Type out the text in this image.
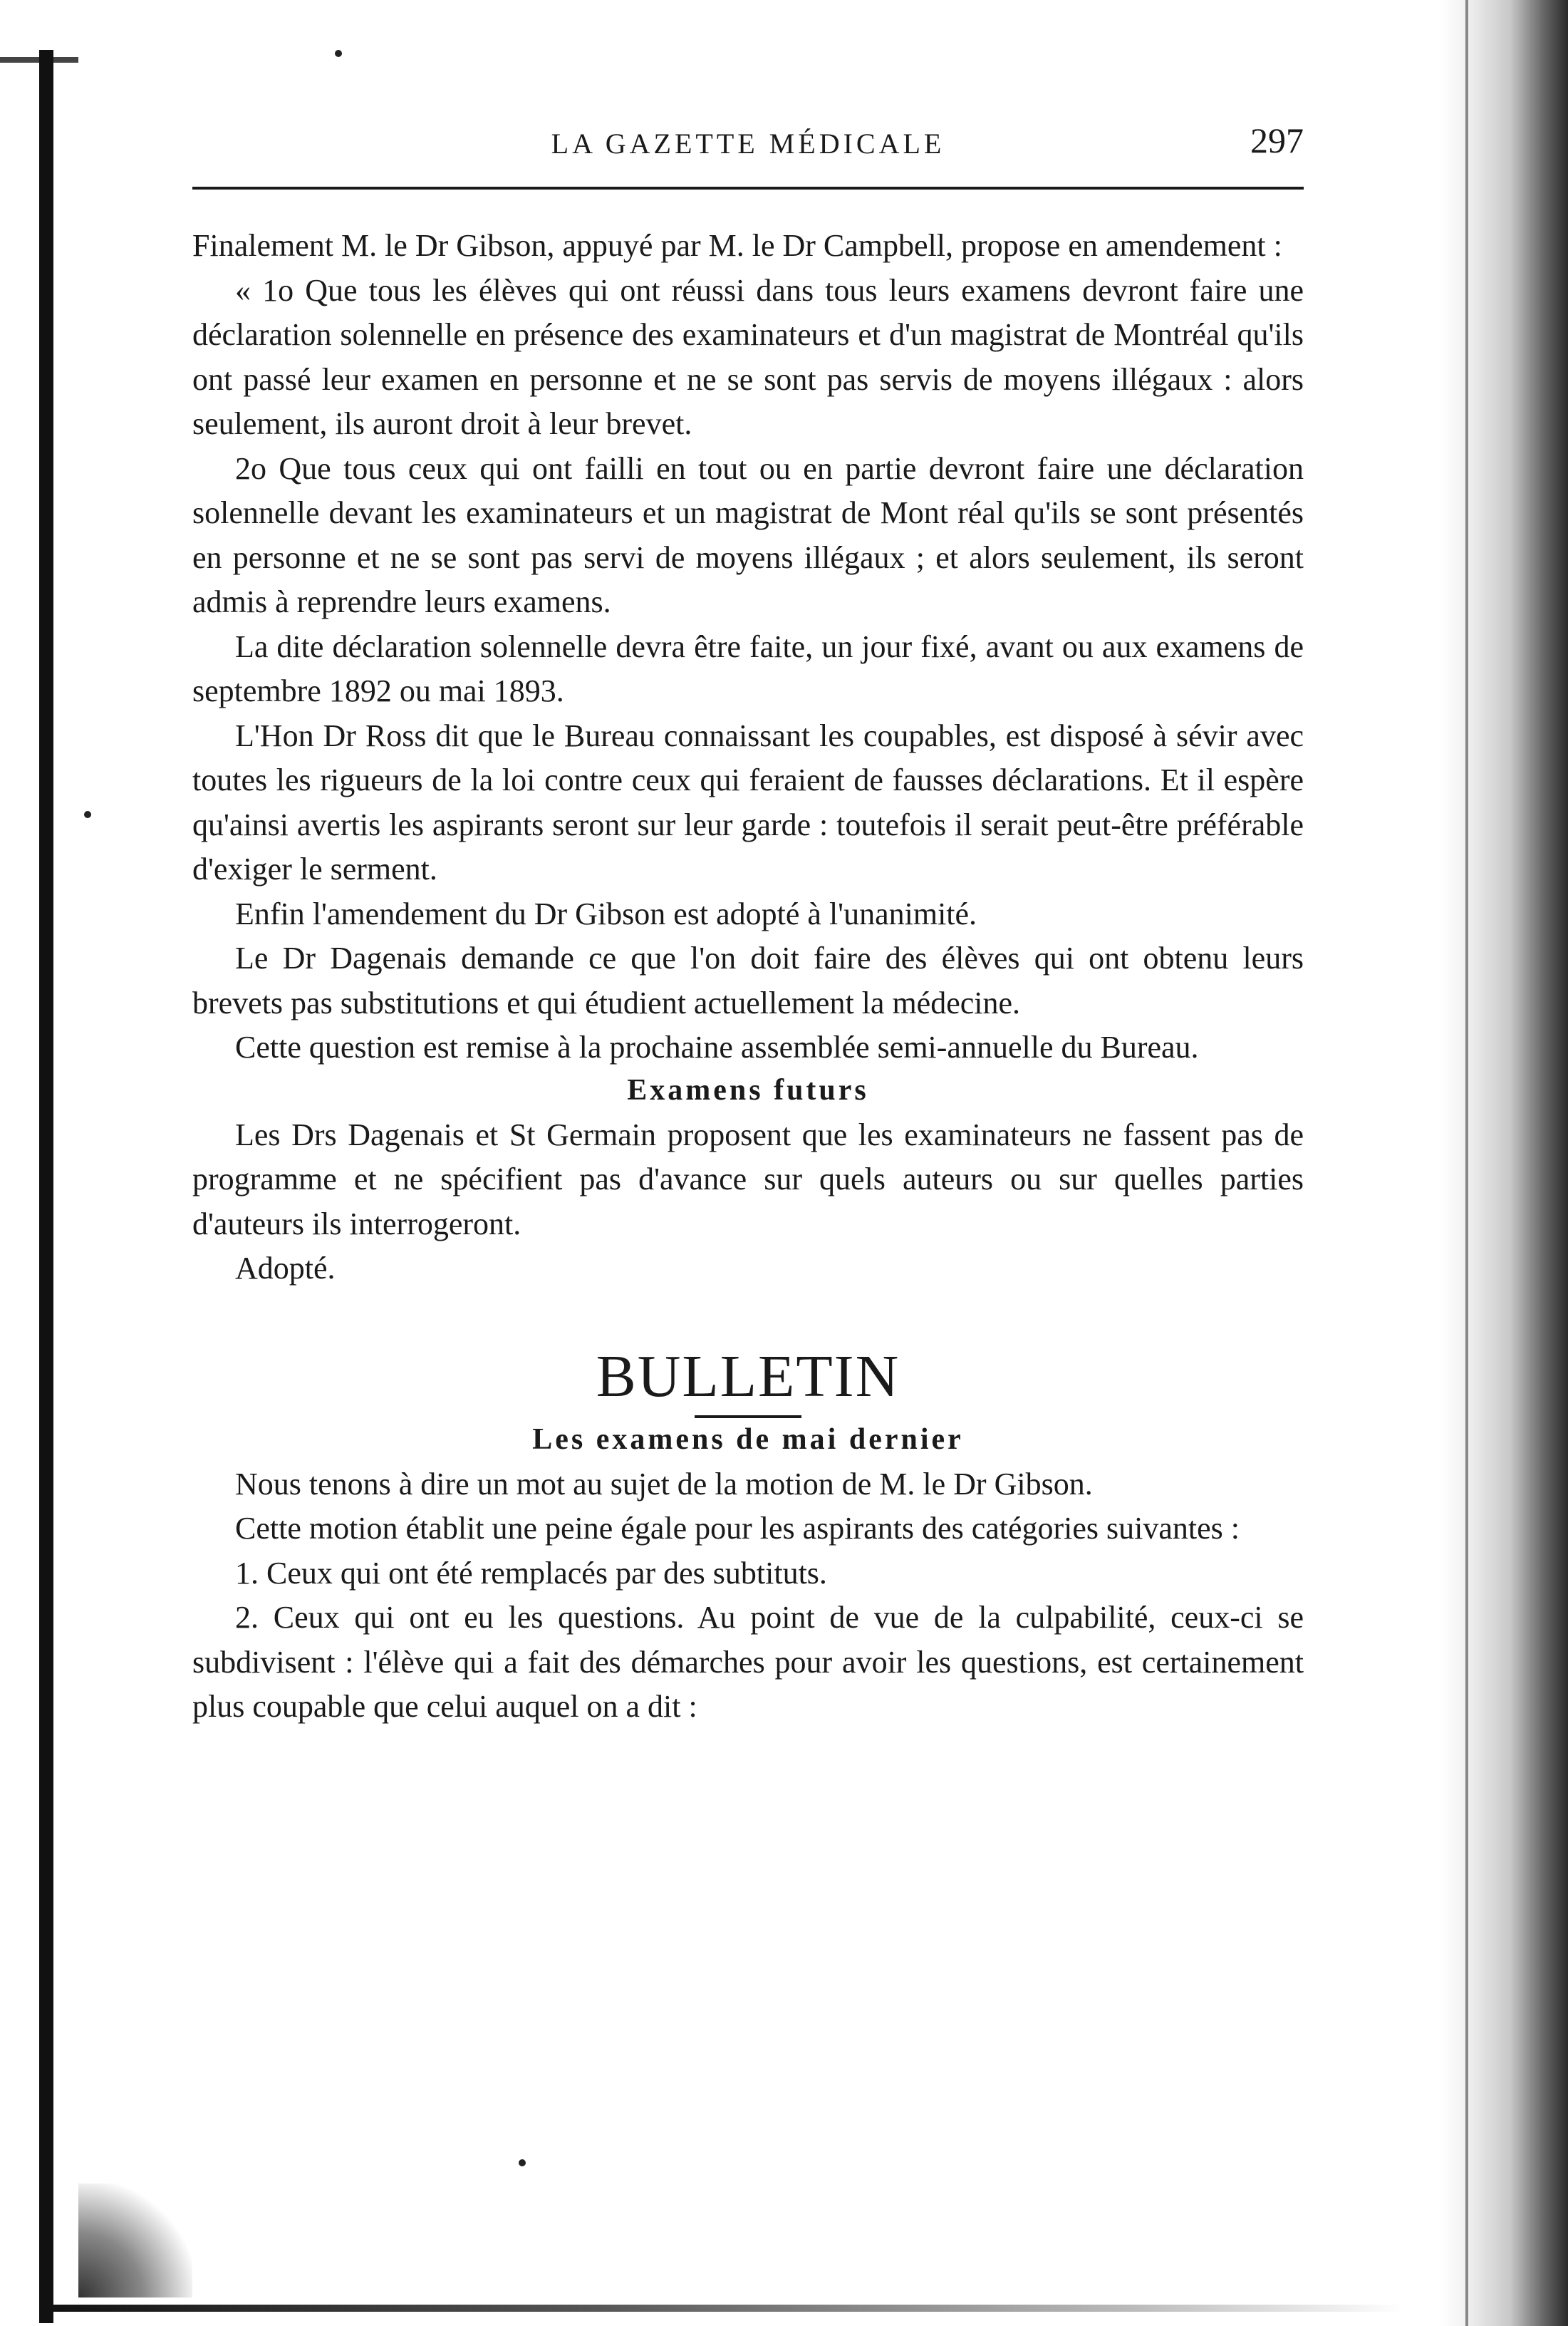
LA GAZETTE MÉDICALE	297

Finalement M. le Dr Gibson, appuyé par M. le Dr Campbell, propose en amendement :

« 1o Que tous les élèves qui ont réussi dans tous leurs examens devront faire une déclaration solennelle en présence des examinateurs et d'un magistrat de Montréal qu'ils ont passé leur examen en personne et ne se sont pas servis de moyens illégaux : alors seulement, ils auront droit à leur brevet.

2o Que tous ceux qui ont failli en tout ou en partie devront faire une déclaration solennelle devant les examinateurs et un magistrat de Mont réal qu'ils se sont présentés en personne et ne se sont pas servi de moyens illégaux ; et alors seulement, ils seront admis à reprendre leurs examens.

La dite déclaration solennelle devra être faite, un jour fixé, avant ou aux examens de septembre 1892 ou mai 1893.

L'Hon Dr Ross dit que le Bureau connaissant les coupables, est disposé à sévir avec toutes les rigueurs de la loi contre ceux qui feraient de fausses déclarations. Et il espère qu'ainsi avertis les aspirants seront sur leur garde : toutefois il serait peut-être préférable d'exiger le serment.

Enfin l'amendement du Dr Gibson est adopté à l'unanimité.

Le Dr Dagenais demande ce que l'on doit faire des élèves qui ont obtenu leurs brevets pas substitutions et qui étudient actuellement la médecine.

Cette question est remise à la prochaine assemblée semi-annuelle du Bureau.

Examens futurs

Les Drs Dagenais et St Germain proposent que les examinateurs ne fassent pas de programme et ne spécifient pas d'avance sur quels auteurs ou sur quelles parties d'auteurs ils interrogeront.

Adopté.

BULLETIN
Les examens de mai dernier

Nous tenons à dire un mot au sujet de la motion de M. le Dr Gibson.

Cette motion établit une peine égale pour les aspirants des catégories suivantes :

1. Ceux qui ont été remplacés par des subtituts.

2. Ceux qui ont eu les questions. Au point de vue de la culpabilité, ceux-ci se subdivisent : l'élève qui a fait des démarches pour avoir les questions, est certainement plus coupable que celui auquel on a dit :
